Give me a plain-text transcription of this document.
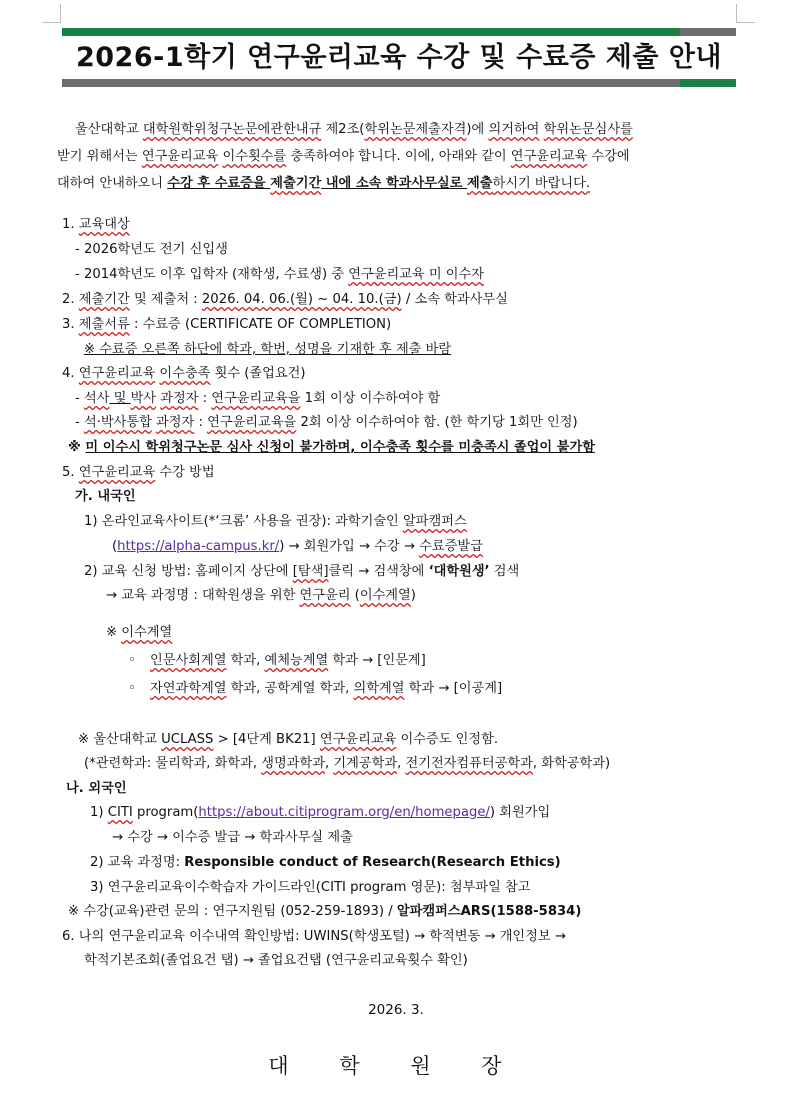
2026-1학기 연구윤리교육 수강 및 수료증 제출 안내
울산대학교 대학원학위청구논문에관한내규 제2조(학위논문제출자격)에 의거하여 학위논문심사를
받기 위해서는 연구윤리교육 이수횟수를 충족하여야 합니다. 이에, 아래와 같이 연구윤리교육 수강에
대하여 안내하오니 수강 후 수료증을 제출기간 내에 소속 학과사무실로 제출하시기 바랍니다.
1. 교육대상
- 2026학년도 전기 신입생
- 2014학년도 이후 입학자 (재학생, 수료생) 중 연구윤리교육 미 이수자
2. 제출기간 및 제출처 : 2026. 04. 06.(월) ~ 04. 10.(금) / 소속 학과사무실
3. 제출서류 : 수료증 (CERTIFICATE OF COMPLETION)
※ 수료증 오른쪽 하단에 학과, 학번, 성명을 기재한 후 제출 바람
4. 연구윤리교육 이수충족 횟수 (졸업요건)
- 석사 및 박사 과정자 : 연구윤리교육을 1회 이상 이수하여야 함
- 석·박사통합 과정자 : 연구윤리교육을 2회 이상 이수하여야 함. (한 학기당 1회만 인정)
※ 미 이수시 학위청구논문 심사 신청이 불가하며, 이수충족 횟수를 미충족시 졸업이 불가함
5. 연구윤리교육 수강 방법
가. 내국인
1) 온라인교육사이트(*‘크롬’ 사용을 권장): 과학기술인 알파캠퍼스
(https://alpha-campus.kr/) → 회원가입 → 수강 → 수료증발급
2) 교육 신청 방법: 홈페이지 상단에 [탐색]클릭 → 검색창에 ‘대학원생’ 검색
→ 교육 과정명 : 대학원생을 위한 연구윤리 (이수계열)
※ 이수계열
◦ 인문사회계열 학과, 예체능계열 학과 → [인문계]
◦ 자연과학계열 학과, 공학계열 학과, 의학계열 학과 → [이공계]
※ 울산대학교 UCLASS > [4단계 BK21] 연구윤리교육 이수증도 인정함.
(*관련학과: 물리학과, 화학과, 생명과학과, 기계공학과, 전기전자컴퓨터공학과, 화학공학과)
나. 외국인
1) CITI program(https://about.citiprogram.org/en/homepage/) 회원가입
→ 수강 → 이수증 발급 → 학과사무실 제출
2) 교육 과정명: Responsible conduct of Research(Research Ethics)
3) 연구윤리교육이수학습자 가이드라인(CITI program 영문): 첨부파일 참고
※ 수강(교육)관련 문의 : 연구지원팀 (052-259-1893) / 알파캠퍼스ARS(1588-5834)
6. 나의 연구윤리교육 이수내역 확인방법: UWINS(학생포털) → 학적변동 → 개인정보 →
학적기본조회(졸업요건 탭) → 졸업요건탭 (연구윤리교육횟수 확인)
2026. 3.
대 학 원 장
